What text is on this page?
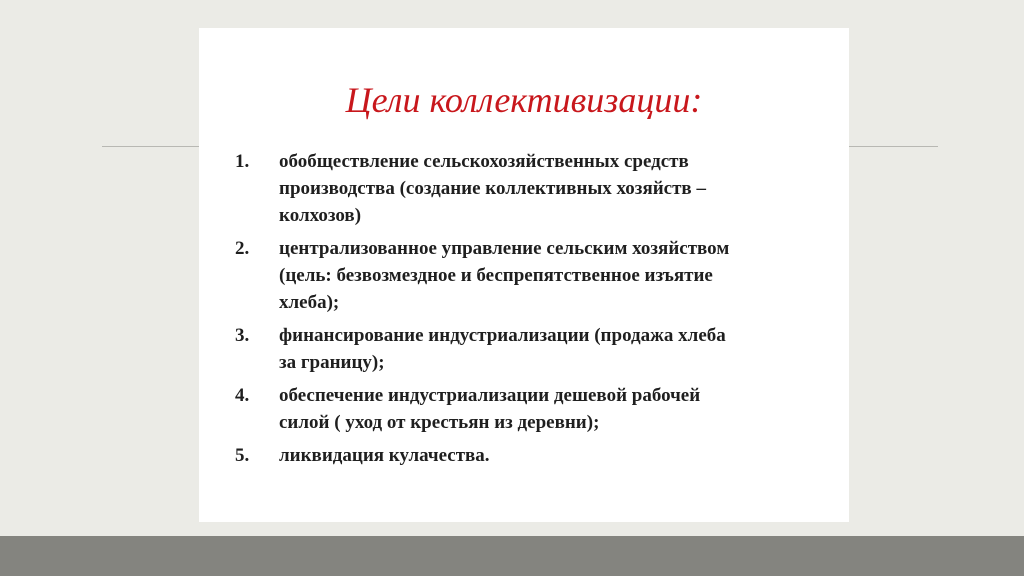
Цели коллективизации:
1.	обобществление сельскохозяйственных средств
производства (создание коллективных хозяйств –
колхозов)
2.	централизованное управление сельским хозяйством
(цель: безвозмездное и беспрепятственное изъятие
хлеба);
3.	финансирование индустриализации (продажа хлеба
за границу);
4.	обеспечение индустриализации дешевой рабочей
силой ( уход от крестьян из деревни);
5.	ликвидация кулачества.
